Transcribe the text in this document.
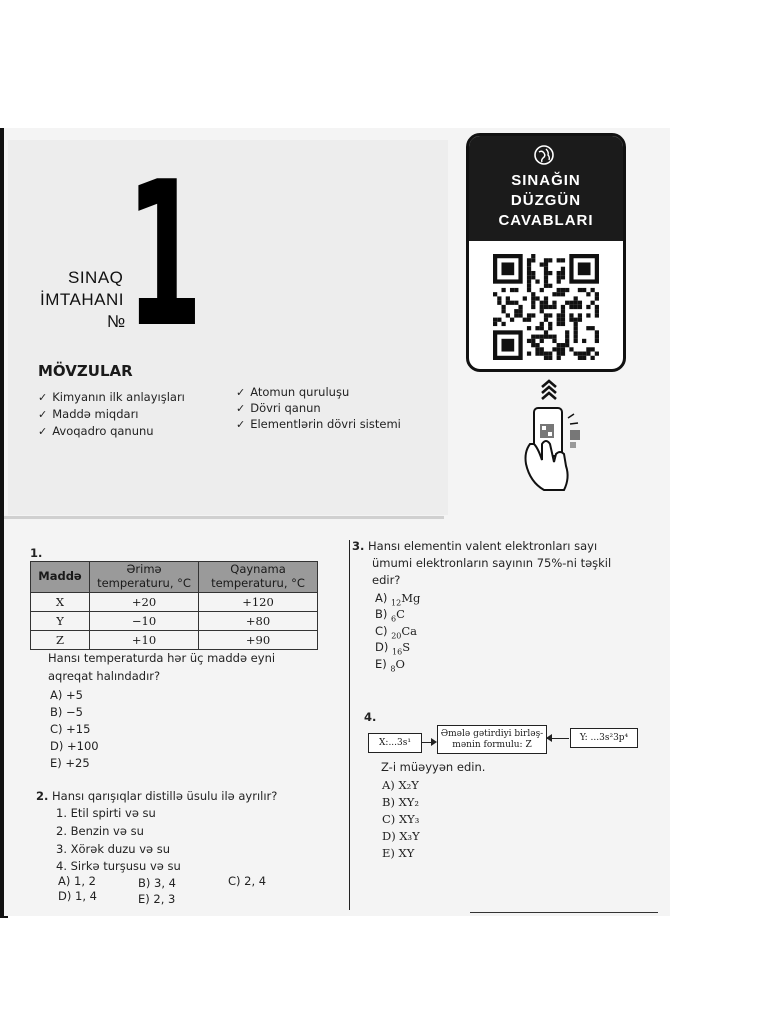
1
SINAQ
İMTAHANI
№
MÖVZULAR
✓ Kimyanın ilk anlayışları
✓ Maddə miqdarı
✓ Avoqadro qanunu
✓ Atomun quruluşu
✓ Dövri qanun
✓ Elementlərin dövri sistemi
SINAĞIN
DÜZGÜN
CAVABLARI
1.
Maddə	Ərimə temperaturu, °C	Qaynama temperaturu, °C
X	+20	+120
Y	−10	+80
Z	+10	+90
Hansı temperaturda hər üç maddə eyni
aqreqat halındadır?
A) +5
B) −5
C) +15
D) +100
E) +25
2. Hansı qarışıqlar distillə üsulu ilə ayrılır?
1. Etil spirti və su
2. Benzin və su
3. Xörək duzu və su
4. Sirkə turşusu və su
A) 1, 2	B) 3, 4	C) 2, 4
D) 1, 4	E) 2, 3
3. Hansı elementin valent elektronları sayı
ümumi elektronların sayının 75%-ni təşkil
edir?
A) $_{12}$Mg
B) $_6$C
C) $_{20}$Ca
D) $_{16}$S
E) $_8$O
4.
X:...3s¹
Əmələ gətirdiyi birləş-
mənin formulu: Z
Y: ...3s²3p⁴
Z-i müəyyən edin.
A) X₂Y
B) XY₂
C) XY₃
D) X₃Y
E) XY
